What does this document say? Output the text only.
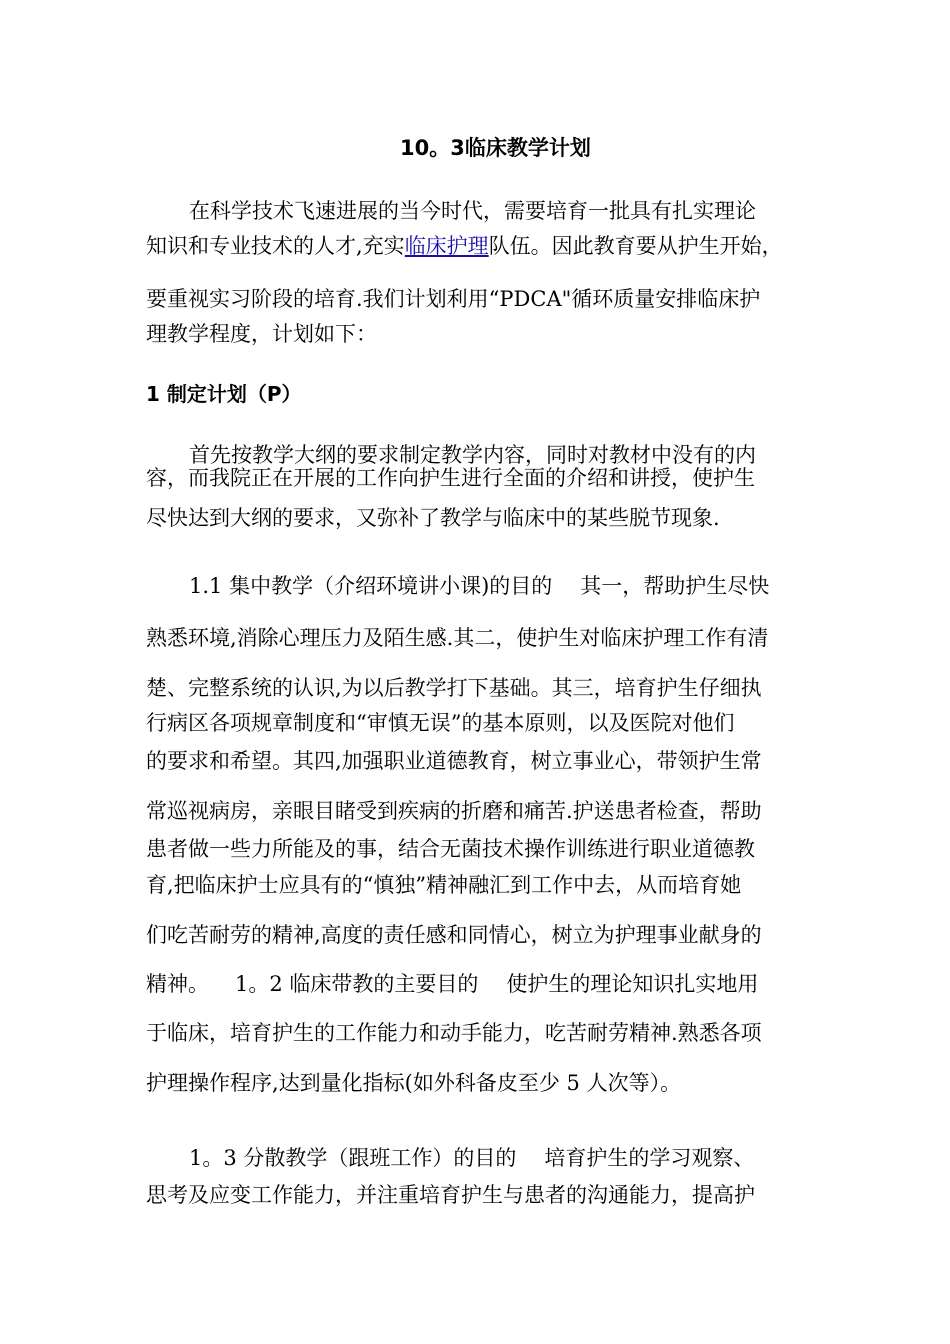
10。3临床教学计划
在科学技术飞速进展的当今时代，需要培育一批具有扎实理论
知识和专业技术的人才,充实临床护理队伍。因此教育要从护生开始，
要重视实习阶段的培育.我们计划利用“PDCA"循环质量安排临床护
理教学程度，计划如下：
1 制定计划（P）
首先按教学大纲的要求制定教学内容，同时对教材中没有的内
容，而我院正在开展的工作向护生进行全面的介绍和讲授，使护生
尽快达到大纲的要求，又弥补了教学与临床中的某些脱节现象.
1.1 集中教学（介绍环境讲小课)的目的 其一，帮助护生尽快
熟悉环境,消除心理压力及陌生感.其二，使护生对临床护理工作有清
楚、完整系统的认识,为以后教学打下基础。其三，培育护生仔细执
行病区各项规章制度和“审慎无误”的基本原则，以及医院对他们
的要求和希望。其四,加强职业道德教育，树立事业心，带领护生常
常巡视病房，亲眼目睹受到疾病的折磨和痛苦.护送患者检查，帮助
患者做一些力所能及的事，结合无菌技术操作训练进行职业道德教
育,把临床护士应具有的“慎独”精神融汇到工作中去，从而培育她
们吃苦耐劳的精神,高度的责任感和同情心，树立为护理事业献身的
精神。 1。2 临床带教的主要目的 使护生的理论知识扎实地用
于临床，培育护生的工作能力和动手能力，吃苦耐劳精神.熟悉各项
护理操作程序,达到量化指标(如外科备皮至少 5 人次等）。
1。3 分散教学（跟班工作）的目的 培育护生的学习观察、
思考及应变工作能力，并注重培育护生与患者的沟通能力，提高护
